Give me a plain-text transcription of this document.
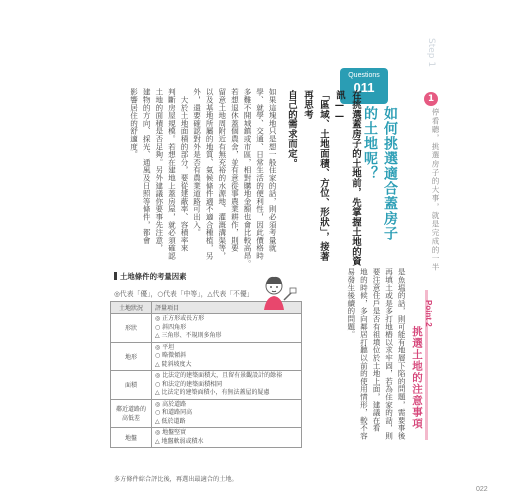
Step 1
1
停看聽，挑選房子的大事，就是完成的一半
Point 2
挑選土地的注意事項
Questions
011
如何挑選適合蓋房子的土地呢？
在挑選蓋房子的土地前，先掌握土地的資訊——
「區域、土地面積、方位、形狀」，接著再思考
自己的需求而定。
如果這塊地只是想一般住家的話，則必須考量就
學、就學、交通、日常生活的便利性，因此價格時
多難不開城鎮或市區，相對購地金額也會比較高昂。
若想退休蓋個農舍，並有意從事農業耕作，則要
留意土地周附近有無充裕的水源地、灌溉溝渠等，
以及基地所屬的地質、氣候條件適不適合種植，另
外，還要確認對外是否有農業道路可出入。
　大於土地面積的部分，要從建蔽率、容積率來
判斷房屋規模。若想在建地上蓋房屋，就必須確認
土地的面積是否足夠。另外建議你要事先注意，
建物的方向、採光、通風及日照等條件，都會
影響居住的舒適度。
是魚塭的話，則可能有地層下陷的問題，需要事後
再填土或是多打地樁以求牢固，若為住家的話，則
要注意住戶是否有祖墳位於土地上面，建議在看
地的時候，多向鄰居打聽以前的使用情形，較不容
易發生後續的問題。
土地條件的考量因素
◎代表「優」，○代表「中等」，△代表「不優」
土地狀況	評量項目
形狀	◎ 正方形或長方形
○ 斜四角形
△ 三角形、不規則多角形

地形	◎ 平坦
○ 略微傾斜
△ 陡斜坡度大

面積	◎ 比法定的建築面積大，且留有景觀設計的餘裕
○ 和法定的建築面積相同
△ 比法定的建築面積小，有無法蓋屋的疑慮

鄰近道路的高低差	◎ 高於道路
○ 和道路同高
△ 低於道路

地盤	◎ 地盤堅實
△ 地盤軟弱或積水
多方條件綜合評比後，再選出最適合的土地。
022
